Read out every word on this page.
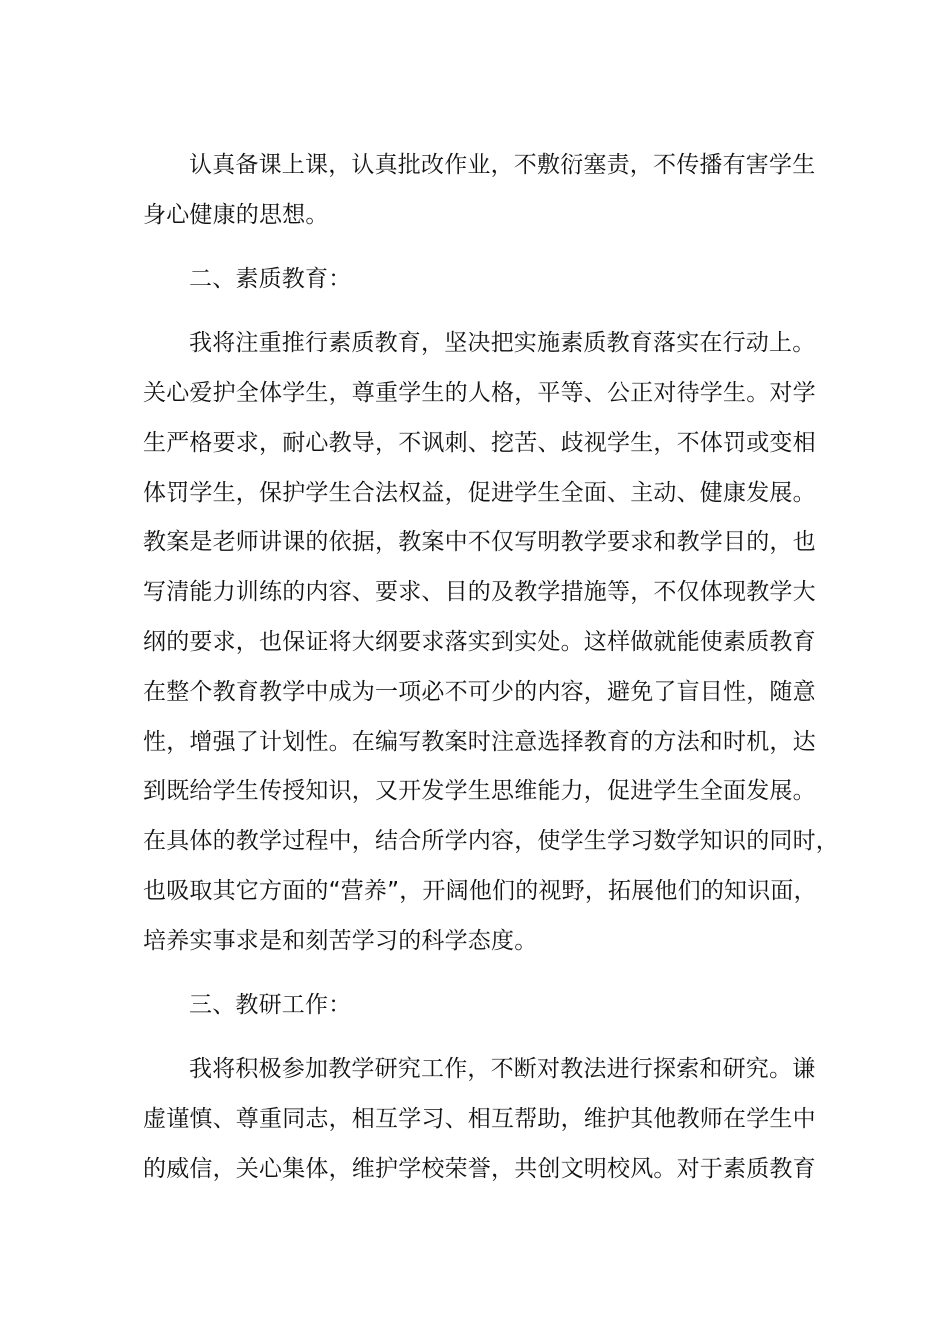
认真备课上课，认真批改作业，不敷衍塞责，不传播有害学生
身心健康的思想。
二、素质教育：
我将注重推行素质教育，坚决把实施素质教育落实在行动上。
关心爱护全体学生，尊重学生的人格，平等、公正对待学生。对学
生严格要求，耐心教导，不讽刺、挖苦、歧视学生，不体罚或变相
体罚学生，保护学生合法权益，促进学生全面、主动、健康发展。
教案是老师讲课的依据，教案中不仅写明教学要求和教学目的，也
写清能力训练的内容、要求、目的及教学措施等，不仅体现教学大
纲的要求，也保证将大纲要求落实到实处。这样做就能使素质教育
在整个教育教学中成为一项必不可少的内容，避免了盲目性，随意
性，增强了计划性。在编写教案时注意选择教育的方法和时机，达
到既给学生传授知识，又开发学生思维能力，促进学生全面发展。
在具体的教学过程中，结合所学内容，使学生学习数学知识的同时，
也吸取其它方面的“营养”，开阔他们的视野，拓展他们的知识面，
培养实事求是和刻苦学习的科学态度。
三、教研工作：
我将积极参加教学研究工作，不断对教法进行探索和研究。谦
虚谨慎、尊重同志，相互学习、相互帮助，维护其他教师在学生中
的威信，关心集体，维护学校荣誉，共创文明校风。对于素质教育
